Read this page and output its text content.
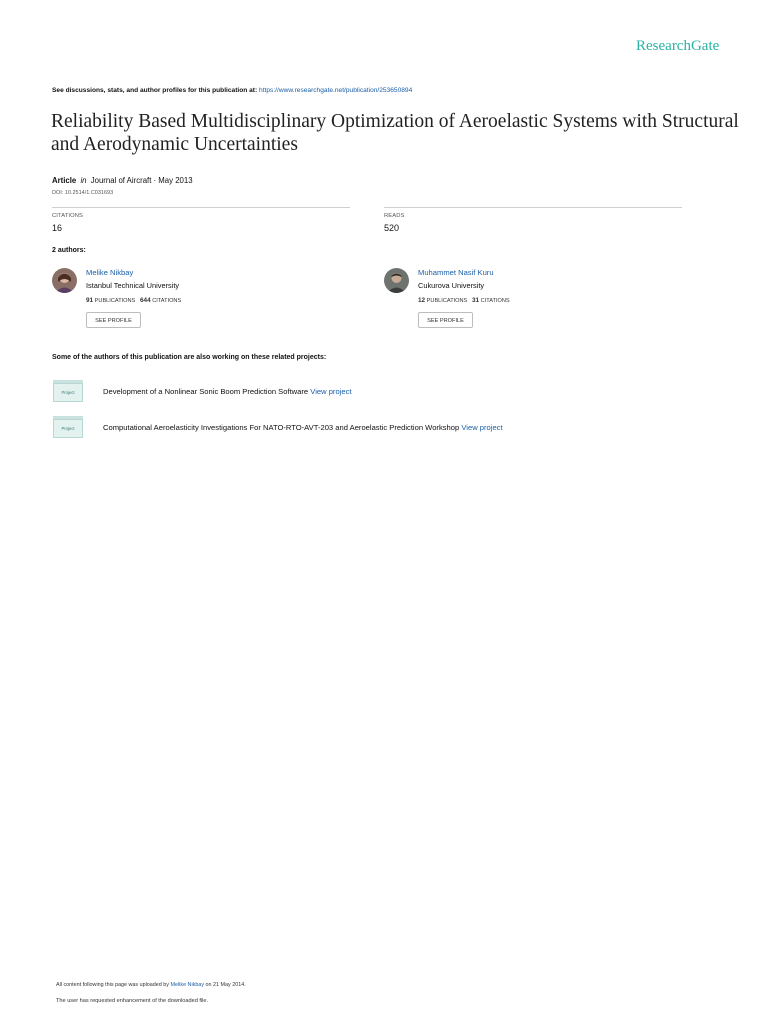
ResearchGate
See discussions, stats, and author profiles for this publication at: https://www.researchgate.net/publication/253650894
Reliability Based Multidisciplinary Optimization of Aeroelastic Systems with Structural and Aerodynamic Uncertainties
Article in Journal of Aircraft · May 2013
DOI: 10.2514/1.C031693
CITATIONS
16
READS
520
2 authors:
Melike Nikbay
Istanbul Technical University
91 PUBLICATIONS 644 CITATIONS
SEE PROFILE
Muhammet Nasif Kuru
Cukurova University
12 PUBLICATIONS 31 CITATIONS
SEE PROFILE
Some of the authors of this publication are also working on these related projects:
Project	Development of a Nonlinear Sonic Boom Prediction Software View project
Project	Computational Aeroelasticity Investigations For NATO-RTO-AVT-203 and Aeroelastic Prediction Workshop View project
All content following this page was uploaded by Melike Nikbay on 21 May 2014.
The user has requested enhancement of the downloaded file.
